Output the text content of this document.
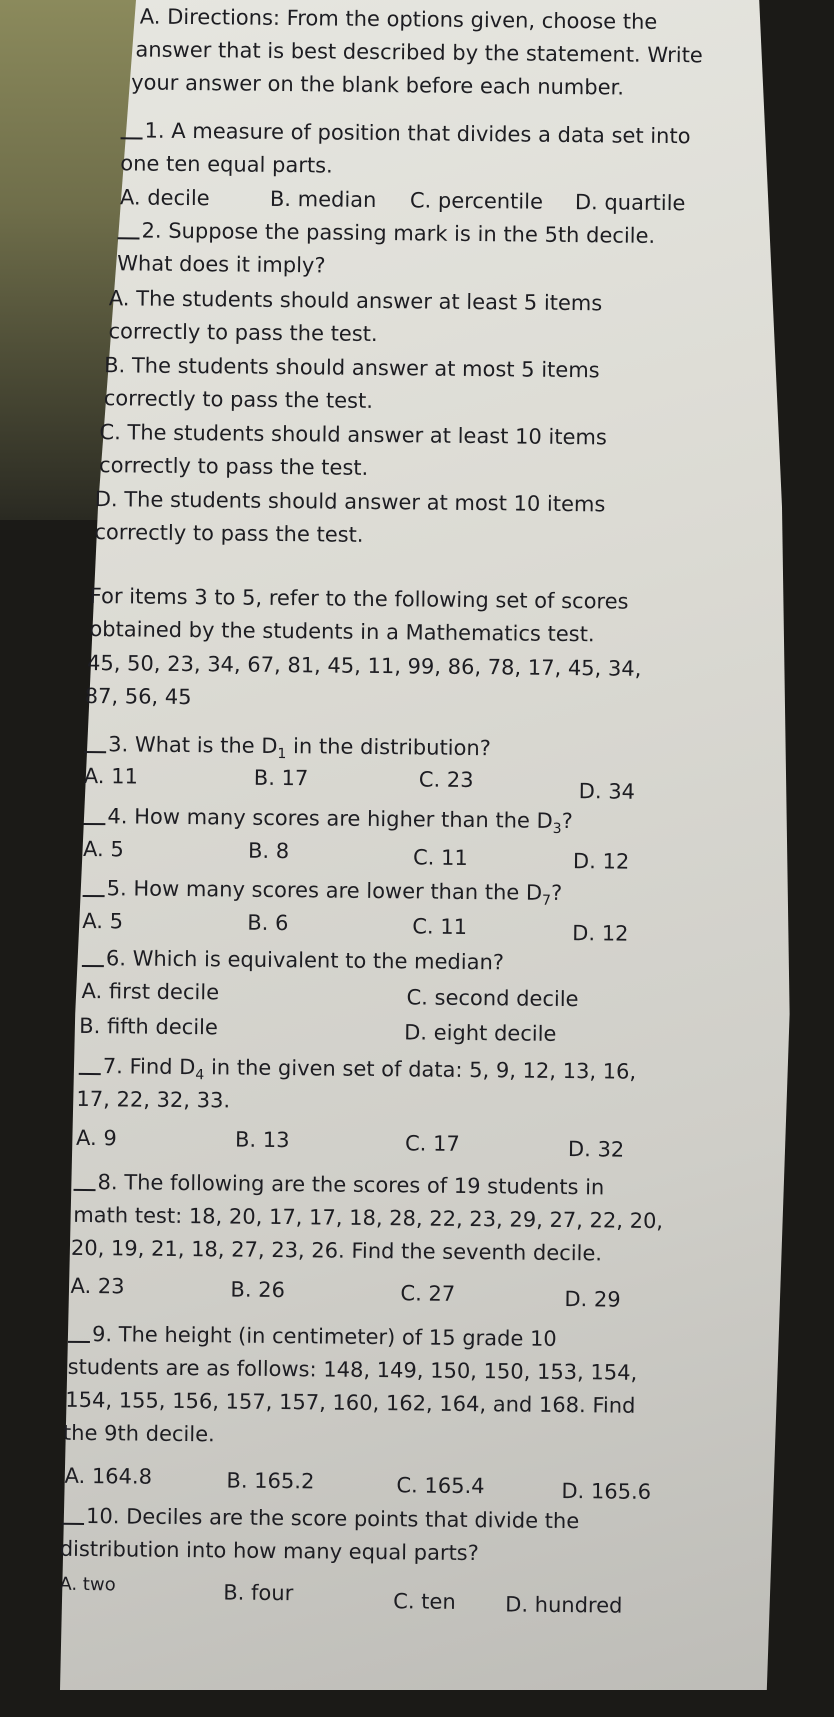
A. Directions: From the options given, choose the
answer that is best described by the statement. Write
your answer on the blank before each number.
1. A measure of position that divides a data set into
one ten equal parts.
A. decile	B. median C. percentile D. quartile
2. Suppose the passing mark is in the 5th decile.
What does it imply?
A. The students should answer at least 5 items
correctly to pass the test.
B. The students should answer at most 5 items
correctly to pass the test.
C. The students should answer at least 10 items
correctly to pass the test.
D. The students should answer at most 10 items
correctly to pass the test.
For items 3 to 5, refer to the following set of scores
obtained by the students in a Mathematics test.
45, 50, 23, 34, 67, 81, 45, 11, 99, 86, 78, 17, 45, 34,
87, 56, 45
3. What is the $D_1$ in the distribution?
A. 11	B. 17	C. 23	D. 34
4. How many scores are higher than the $D_3$?
A. 5	B. 8	C. 11	D. 12
5. How many scores are lower than the $D_7$?
A. 5	B. 6	C. 11	D. 12
6. Which is equivalent to the median?
A. first decile	C. second decile
B. fifth decile	D. eight decile
7. Find $D_4$ in the given set of data: 5, 9, 12, 13, 16,
17, 22, 32, 33.
A. 9	B. 13	C. 17	D. 32
8. The following are the scores of 19 students in
math test: 18, 20, 17, 17, 18, 28, 22, 23, 29, 27, 22, 20,
20, 19, 21, 18, 27, 23, 26. Find the seventh decile.
A. 23	B. 26	C. 27	D. 29
9. The height (in centimeter) of 15 grade 10
students are as follows: 148, 149, 150, 150, 153, 154,
154, 155, 156, 157, 157, 160, 162, 164, and 168. Find
the 9th decile.
A. 164.8	B. 165.2	C. 165.4	D. 165.6
10. Deciles are the score points that divide the
distribution into how many equal parts?
A. two	B. four	C. ten D. hundred
